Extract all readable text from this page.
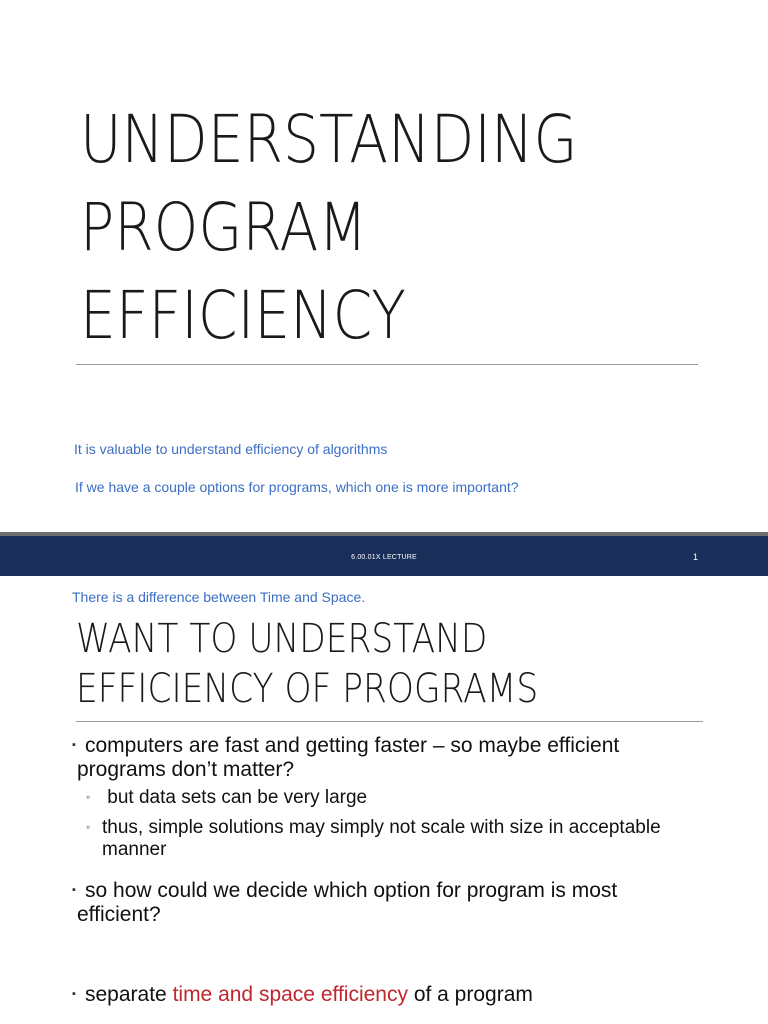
UNDERSTANDING
PROGRAM
EFFICIENCY
It is valuable to understand efficiency of algorithms
If we have a couple options for programs, which one is more important?
6.00.01X LECTURE	1
There is a difference between Time and Space.
WANT TO UNDERSTAND
EFFICIENCY OF PROGRAMS
▪ computers are fast and getting faster – so maybe efficient
programs don’t matter?
◦ but data sets can be very large
◦ thus, simple solutions may simply not scale with size in acceptable
manner
▪ so how could we decide which option for program is most
efficient?
▪ separate time and space efficiency of a program
